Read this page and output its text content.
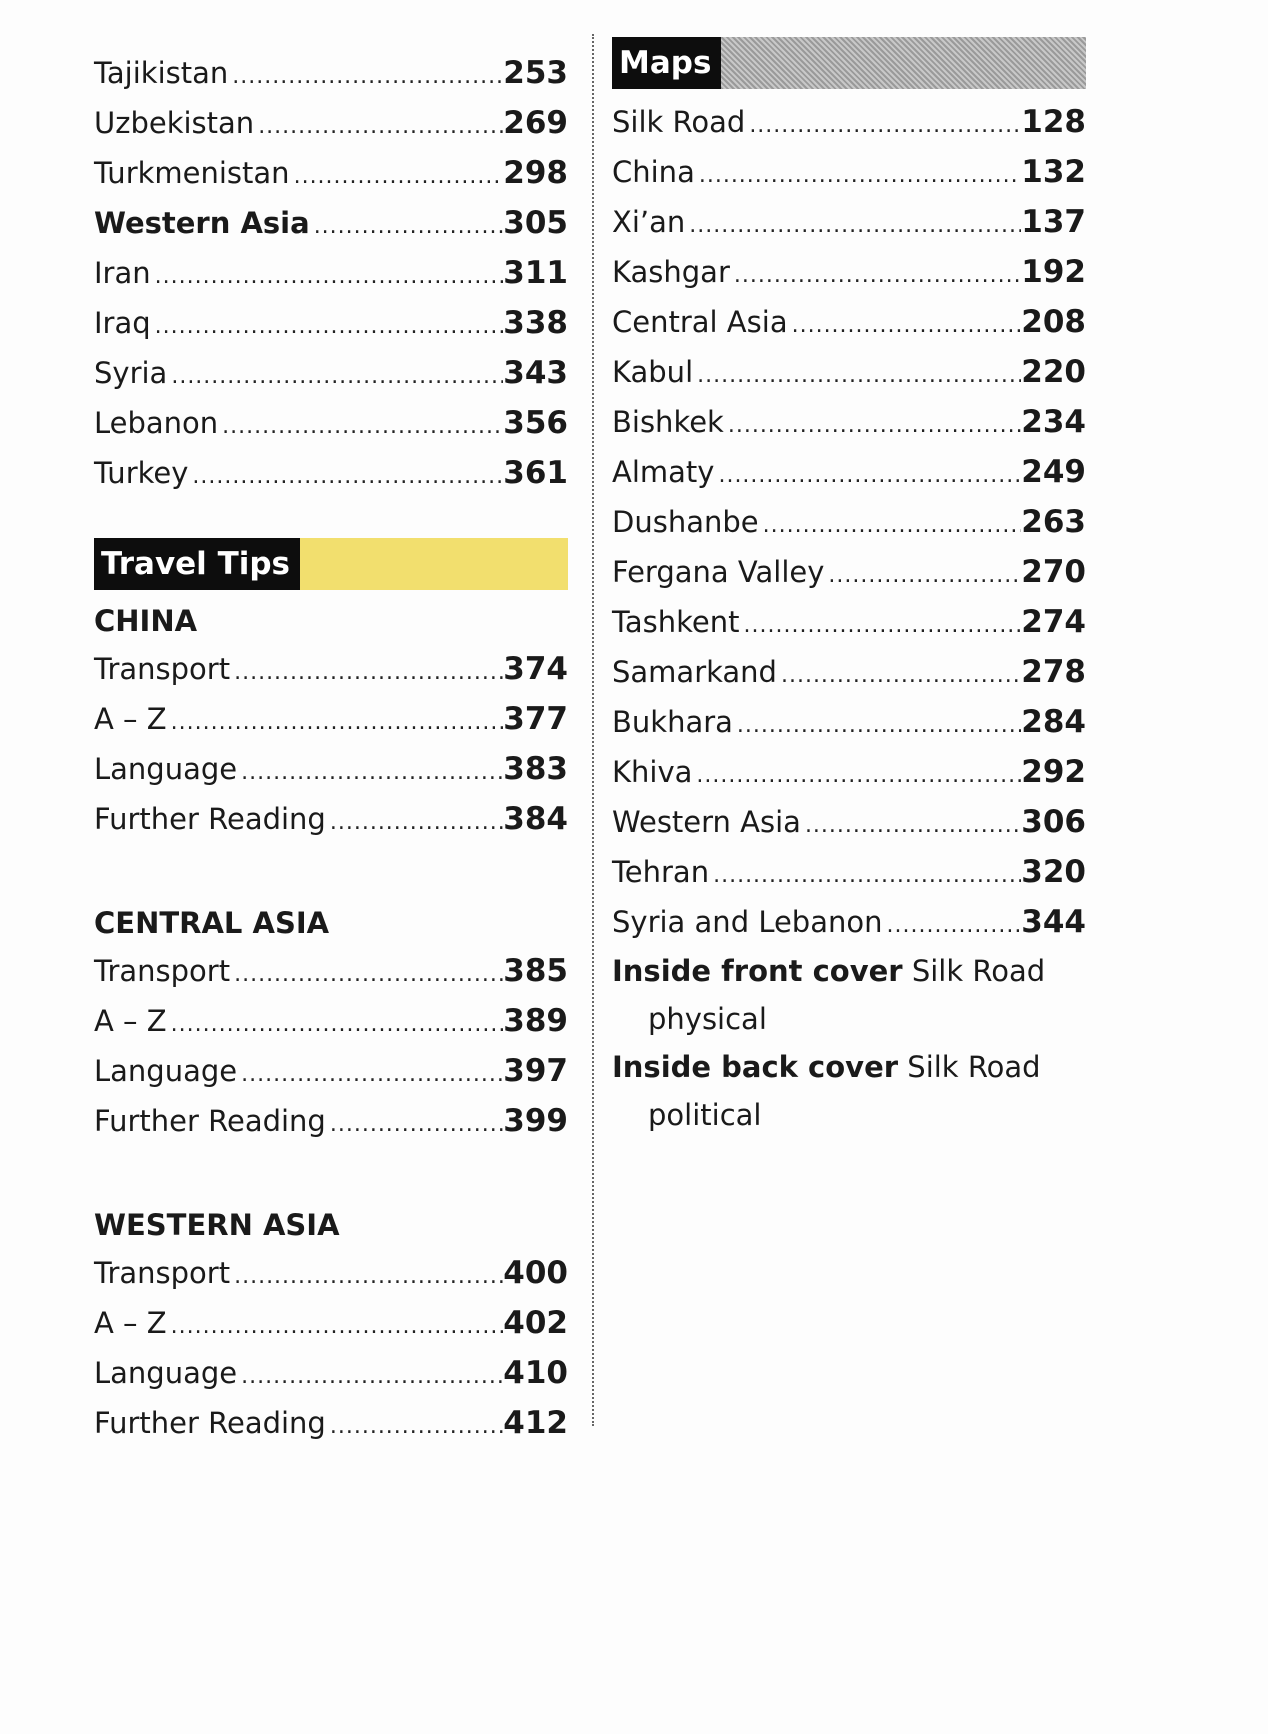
Tajikistan .....	253
Uzbekistan .....	269
Turkmenistan .....	298
Western Asia .....	305
Iran .....	311
Iraq .....	338
Syria .....	343
Lebanon .....	356
Turkey .....	361
Travel Tips
CHINA
Transport .....	374
A – Z .....	377
Language .....	383
Further Reading .....	384
CENTRAL ASIA
Transport .....	385
A – Z .....	389
Language .....	397
Further Reading .....	399
WESTERN ASIA
Transport .....	400
A – Z .....	402
Language .....	410
Further Reading .....	412
Maps
Silk Road .....	128
China .....	132
Xi’an .....	137
Kashgar .....	192
Central Asia .....	208
Kabul .....	220
Bishkek .....	234
Almaty .....	249
Dushanbe .....	263
Fergana Valley .....	270
Tashkent .....	274
Samarkand .....	278
Bukhara .....	284
Khiva .....	292
Western Asia .....	306
Tehran .....	320
Syria and Lebanon .....	344
Inside front cover Silk Road
physical
Inside back cover Silk Road
political
